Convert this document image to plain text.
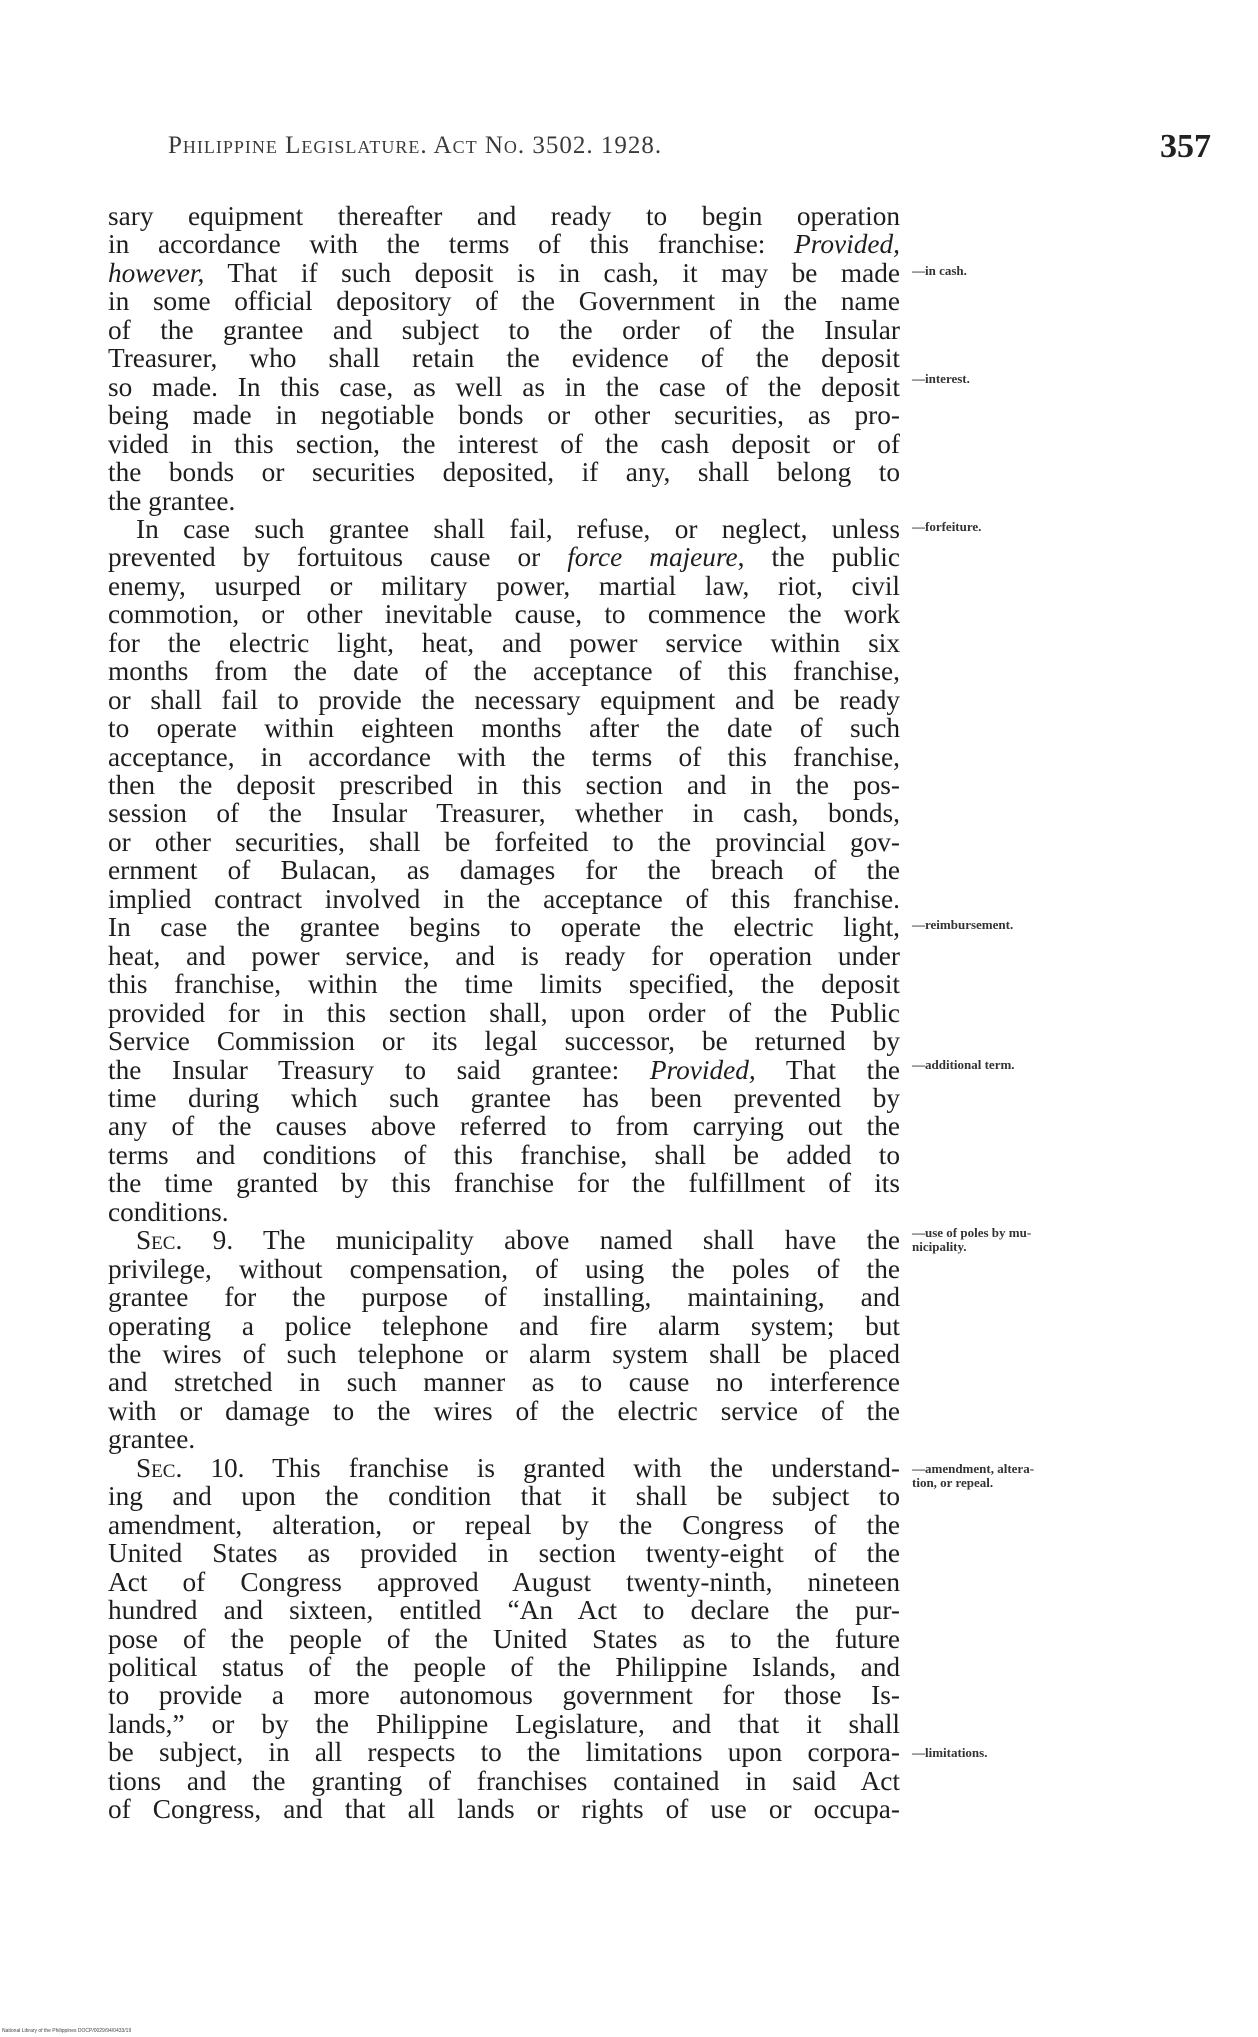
Philippine Legislature. Act No. 3502. 1928.	357
sary equipment thereafter and ready to begin operation
in accordance with the terms of this franchise: Provided,
however, That if such deposit is in cash, it may be made
in some official depository of the Government in the name
of the grantee and subject to the order of the Insular
Treasurer, who shall retain the evidence of the deposit
so made. In this case, as well as in the case of the deposit
being made in negotiable bonds or other securities, as pro-
vided in this section, the interest of the cash deposit or of
the bonds or securities deposited, if any, shall belong to
the grantee.
In case such grantee shall fail, refuse, or neglect, unless
prevented by fortuitous cause or force majeure, the public
enemy, usurped or military power, martial law, riot, civil
commotion, or other inevitable cause, to commence the work
for the electric light, heat, and power service within six
months from the date of the acceptance of this franchise,
or shall fail to provide the necessary equipment and be ready
to operate within eighteen months after the date of such
acceptance, in accordance with the terms of this franchise,
then the deposit prescribed in this section and in the pos-
session of the Insular Treasurer, whether in cash, bonds,
or other securities, shall be forfeited to the provincial gov-
ernment of Bulacan, as damages for the breach of the
implied contract involved in the acceptance of this franchise.
In case the grantee begins to operate the electric light,
heat, and power service, and is ready for operation under
this franchise, within the time limits specified, the deposit
provided for in this section shall, upon order of the Public
Service Commission or its legal successor, be returned by
the Insular Treasury to said grantee: Provided, That the
time during which such grantee has been prevented by
any of the causes above referred to from carrying out the
terms and conditions of this franchise, shall be added to
the time granted by this franchise for the fulfillment of its
conditions.
Sec. 9. The municipality above named shall have the
privilege, without compensation, of using the poles of the
grantee for the purpose of installing, maintaining, and
operating a police telephone and fire alarm system; but
the wires of such telephone or alarm system shall be placed
and stretched in such manner as to cause no interference
with or damage to the wires of the electric service of the
grantee.
Sec. 10. This franchise is granted with the understand-
ing and upon the condition that it shall be subject to
amendment, alteration, or repeal by the Congress of the
United States as provided in section twenty-eight of the
Act of Congress approved August twenty-ninth, nineteen
hundred and sixteen, entitled “An Act to declare the pur-
pose of the people of the United States as to the future
political status of the people of the Philippine Islands, and
to provide a more autonomous government for those Is-
lands,” or by the Philippine Legislature, and that it shall
be subject, in all respects to the limitations upon corpora-
tions and the granting of franchises contained in said Act
of Congress, and that all lands or rights of use or occupa-
—in cash.
—interest.
—forfeiture.
—reimbursement.
—additional term.
—use of poles by mu-
nicipality.
—amendment, altera-
tion, or repeal.
—limitations.
National Library of the Philippines DOCP/0029/94/0433/19
